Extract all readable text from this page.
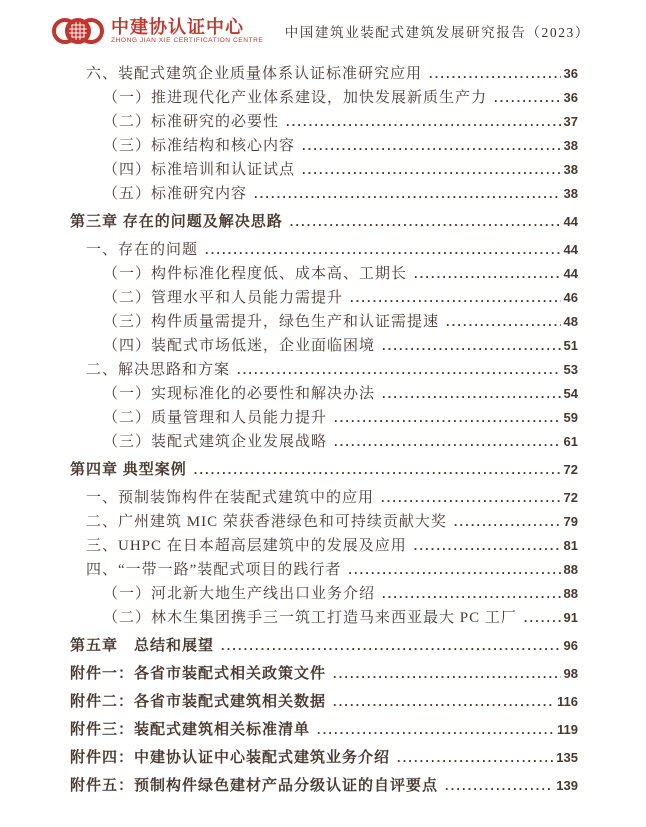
中建协认证中心
ZHONG JIAN XIE CERTIFICATION CENTRE
中国建筑业装配式建筑发展研究报告（2023）
六、装配式建筑企业质量体系认证标准研究应用 .....	36
（一）推进现代化产业体系建设，加快发展新质生产力 .....	36
（二）标准研究的必要性 .....	37
（三）标准结构和核心内容 .....	38
（四）标准培训和认证试点 .....	38
（五）标准研究内容 .....	38
第三章 存在的问题及解决思路 .....	44
一、存在的问题 .....	44
（一）构件标准化程度低、成本高、工期长 .....	44
（二）管理水平和人员能力需提升 .....	46
（三）构件质量需提升，绿色生产和认证需提速 .....	48
（四）装配式市场低迷，企业面临困境 .....	51
二、解决思路和方案 .....	53
（一）实现标准化的必要性和解决办法 .....	54
（二）质量管理和人员能力提升 .....	59
（三）装配式建筑企业发展战略 .....	61
第四章 典型案例 .....	72
一、预制装饰构件在装配式建筑中的应用 .....	72
二、广州建筑 MIC 荣获香港绿色和可持续贡献大奖 .....	79
三、UHPC 在日本超高层建筑中的发展及应用 .....	81
四、“一带一路”装配式项目的践行者 .....	88
（一）河北新大地生产线出口业务介绍 .....	88
（二）林木生集团携手三一筑工打造马来西亚最大 PC 工厂 .....	91
第五章　总结和展望 .....	96
附件一：各省市装配式相关政策文件 .....	98
附件二：各省市装配式建筑相关数据 .....	116
附件三：装配式建筑相关标准清单 .....	119
附件四：中建协认证中心装配式建筑业务介绍 .....	135
附件五：预制构件绿色建材产品分级认证的自评要点 .....	139
